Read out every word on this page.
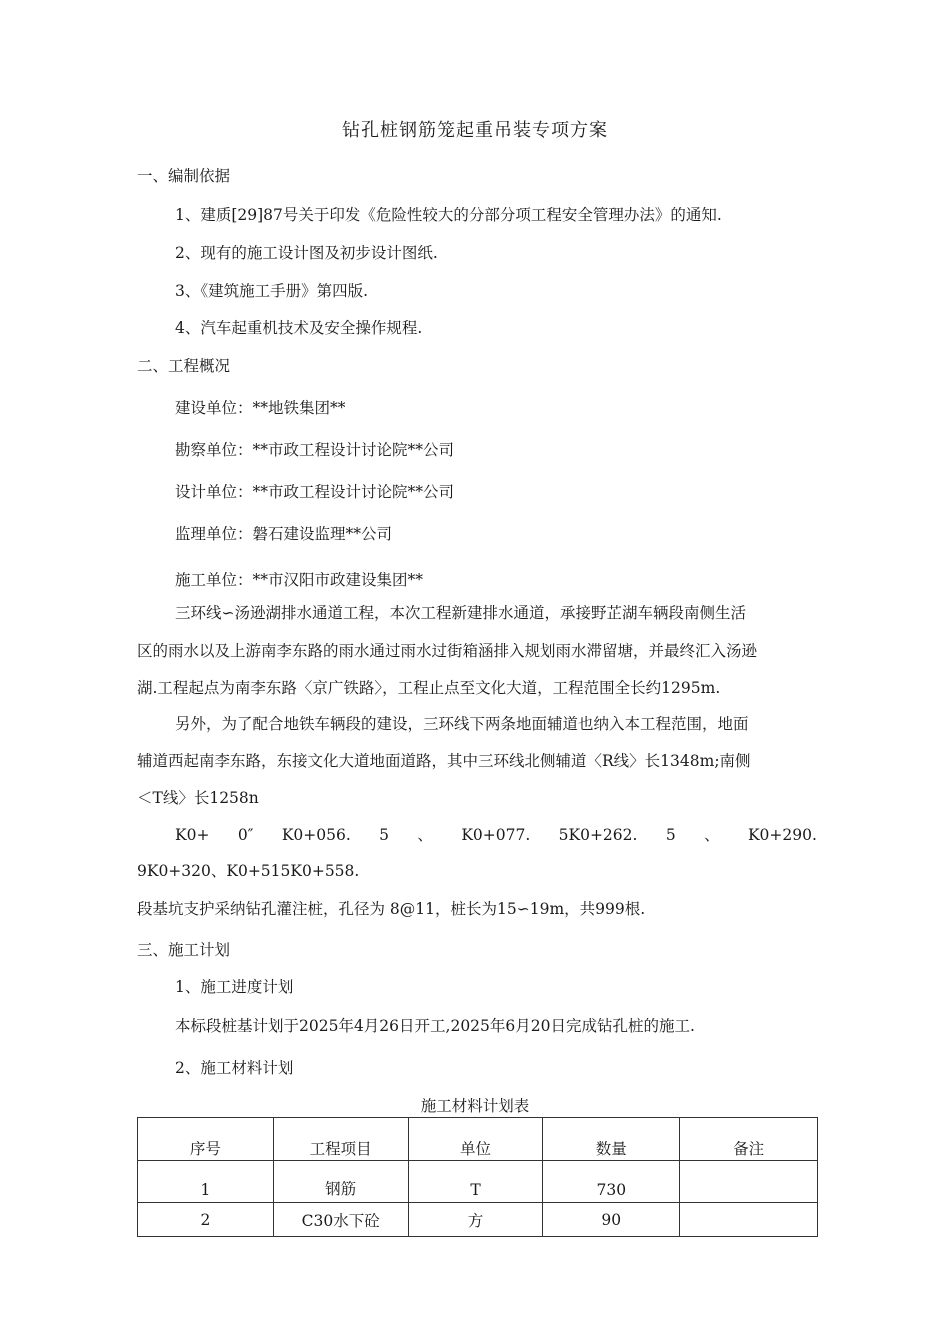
钻孔桩钢筋笼起重吊装专项方案
一、编制依据
1、建质[29]87号关于印发《危险性较大的分部分项工程安全管理办法》的通知.
2、现有的施工设计图及初步设计图纸.
3、《建筑施工手册》第四版.
4、汽车起重机技术及安全操作规程.
二、工程概况
建设单位：**地铁集团**
勘察单位：**市政工程设计讨论院**公司
设计单位：**市政工程设计讨论院**公司
监理单位：磐石建设监理**公司
施工单位：**市汉阳市政建设集团**
三环线∽汤逊湖排水通道工程，本次工程新建排水通道，承接野芷湖车辆段南侧生活
区的雨水以及上游南李东路的雨水通过雨水过街箱涵排入规划雨水滞留塘，并最终汇入汤逊
湖.工程起点为南李东路〈京广铁路〉，工程止点至文化大道，工程范围全长约1295m.
另外，为了配合地铁车辆段的建设，三环线下两条地面辅道也纳入本工程范围，地面
辅道西起南李东路，东接文化大道地面道路，其中三环线北侧辅道〈R线〉长1348m;南侧
＜T线〉长1258n
K0+ 0″ K0+056. 5 、 K0+077. 5K0+262. 5 、 K0+290.
9K0+320、K0+515K0+558.
段基坑支护采纳钻孔灌注桩，孔径为 8@11，桩长为15∽19m，共999根.
三、施工计划
1、施工进度计划
本标段桩基计划于2025年4月26日开工,2025年6月20日完成钻孔桩的施工.
2、施工材料计划
施工材料计划表
序号	工程项目	单位	数量	备注
1	钢筋	T	730	
2	C30水下砼	方	90	
